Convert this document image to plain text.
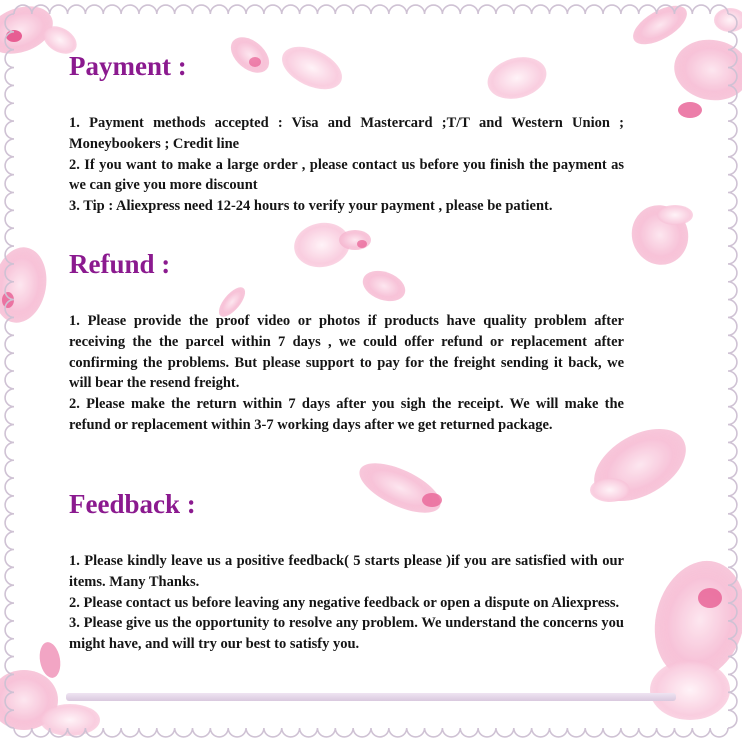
Payment :

1. Payment methods accepted : Visa and Mastercard ;T/T and Western Union ; Moneybookers ; Credit line

2. If you want to make a large order , please contact us before you finish the payment as we can give you more discount

3. Tip : Aliexpress need 12-24 hours to verify your payment , please be patient.

Refund :

1. Please provide the proof video or photos if products have quality problem after receiving the the parcel within 7 days , we could offer refund or replacement after confirming the problems. But please support to pay for the freight sending it back, we will bear the resend freight.

2. Please make the return within 7 days after you sigh the receipt. We will make the refund or replacement within 3-7 working days after we get returned package.

Feedback :

1. Please kindly leave us a positive feedback( 5 starts please )if you are satisfied with our items. Many Thanks.

2. Please contact us before leaving any negative feedback or open a dispute on Aliexpress.

3. Please give us the opportunity to resolve any problem. We understand the concerns you might have, and will try our best to satisfy you.
